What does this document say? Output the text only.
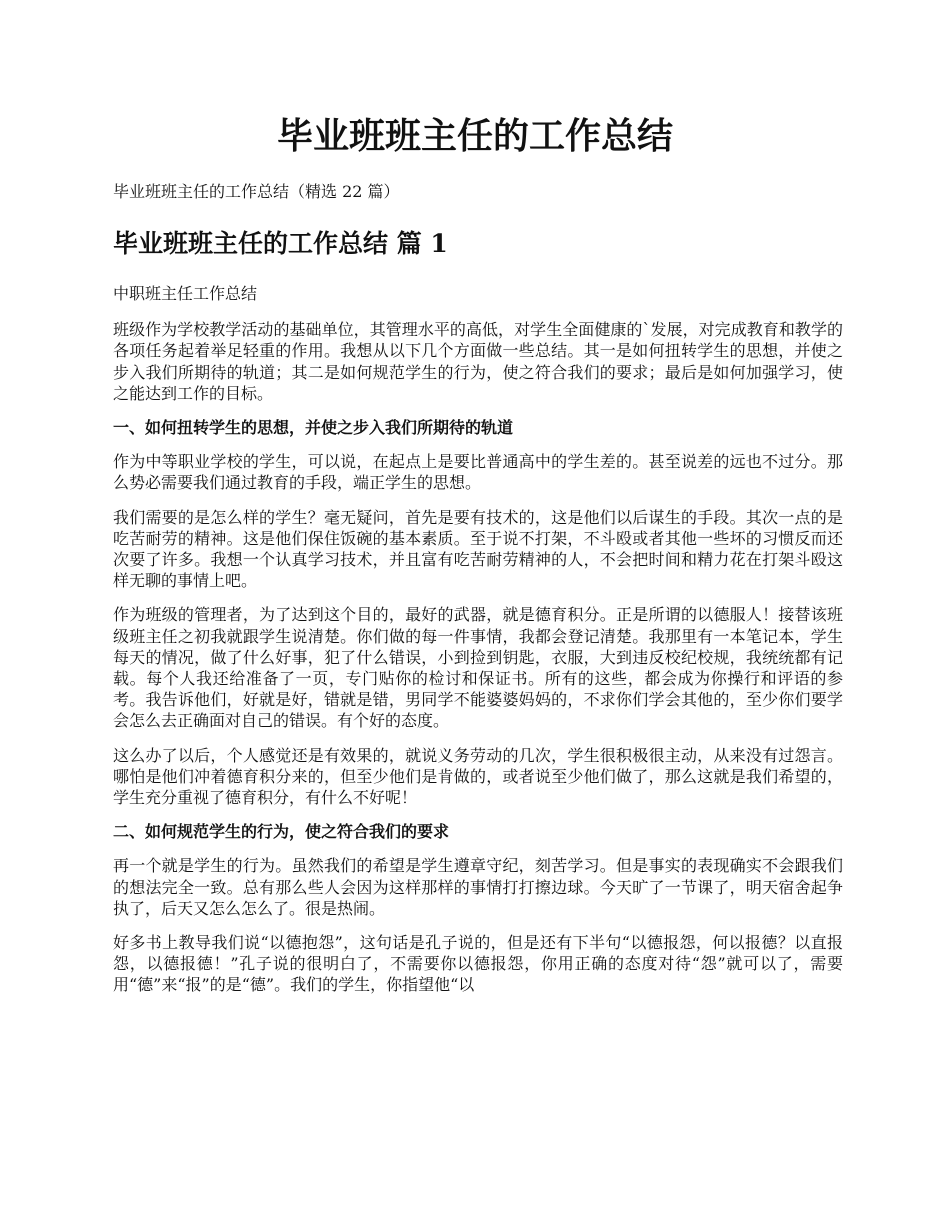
毕业班班主任的工作总结

毕业班班主任的工作总结（精选 22 篇）

毕业班班主任的工作总结 篇 1

中职班主任工作总结

班级作为学校教学活动的基础单位，其管理水平的高低，对学生全面健康的`发展，对完成教育和教学的各项任务起着举足轻重的作用。我想从以下几个方面做一些总结。其一是如何扭转学生的思想，并使之步入我们所期待的轨道；其二是如何规范学生的行为，使之符合我们的要求；最后是如何加强学习，使之能达到工作的目标。

一、如何扭转学生的思想，并使之步入我们所期待的轨道

作为中等职业学校的学生，可以说，在起点上是要比普通高中的学生差的。甚至说差的远也不过分。那么势必需要我们通过教育的手段，端正学生的思想。

我们需要的是怎么样的学生？毫无疑问，首先是要有技术的，这是他们以后谋生的手段。其次一点的是吃苦耐劳的精神。这是他们保住饭碗的基本素质。至于说不打架，不斗殴或者其他一些坏的习惯反而还次要了许多。我想一个认真学习技术，并且富有吃苦耐劳精神的人，不会把时间和精力花在打架斗殴这样无聊的事情上吧。

作为班级的管理者，为了达到这个目的，最好的武器，就是德育积分。正是所谓的以德服人！接替该班级班主任之初我就跟学生说清楚。你们做的每一件事情，我都会登记清楚。我那里有一本笔记本，学生每天的情况，做了什么好事，犯了什么错误，小到捡到钥匙，衣服，大到违反校纪校规，我统统都有记载。每个人我还给准备了一页，专门贴你的检讨和保证书。所有的这些，都会成为你操行和评语的参考。我告诉他们，好就是好，错就是错，男同学不能婆婆妈妈的，不求你们学会其他的，至少你们要学会怎么去正确面对自己的错误。有个好的态度。

这么办了以后，个人感觉还是有效果的，就说义务劳动的几次，学生很积极很主动，从来没有过怨言。哪怕是他们冲着德育积分来的，但至少他们是肯做的，或者说至少他们做了，那么这就是我们希望的，学生充分重视了德育积分，有什么不好呢！

二、如何规范学生的行为，使之符合我们的要求

再一个就是学生的行为。虽然我们的希望是学生遵章守纪，刻苦学习。但是事实的表现确实不会跟我们的想法完全一致。总有那么些人会因为这样那样的事情打打擦边球。今天旷了一节课了，明天宿舍起争执了，后天又怎么怎么了。很是热闹。

好多书上教导我们说“以德抱怨”，这句话是孔子说的，但是还有下半句“以德报怨，何以报德？以直报怨，以德报德！”孔子说的很明白了，不需要你以德报怨，你用正确的态度对待“怨”就可以了，需要用“德”来“报”的是“德”。我们的学生，你指望他“以
